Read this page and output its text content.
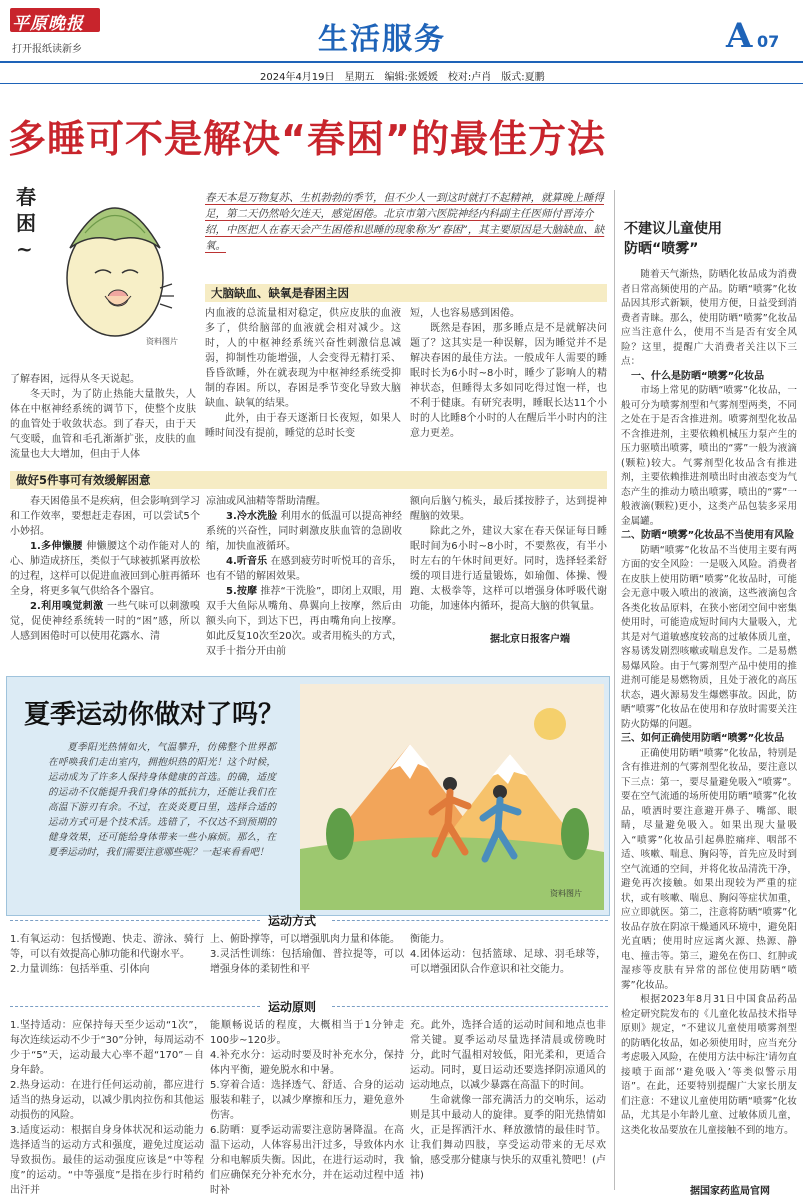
平原晚报
打开报纸读新乡	生活服务	A 07
2024年4月19日　星期五　编辑:张媛媛　校对:卢肖　版式:夏鹏
多睡可不是解决“春困”的最佳方法
春困~
资料图片
春天本是万物复苏、生机勃勃的季节，但不少人一到这时就打不起精神，就算晚上睡得足，第二天仍然哈欠连天，感觉困倦。北京市第六医院神经内科副主任医师付晋涛介绍，中医把人在春天会产生困倦和思睡的现象称为“春困”，其主要原因是大脑缺血、缺氧。
大脑缺血、缺氧是春困主因

了解春困，远得从冬天说起。

冬天时，为了防止热能大量散失，人体在中枢神经系统的调节下，使整个皮肤的血管处于收敛状态。到了春天，由于天气变暖，血管和毛孔渐渐扩张，皮肤的血流量也大大增加，但由于人体

内血液的总流量相对稳定，供应皮肤的血液多了，供给脑部的血液就会相对减少。这时，人的中枢神经系统兴奋性刺激信息减弱，抑制性功能增强，人会变得无精打采、昏昏欲睡，外在就表现为中枢神经系统受抑制的春困。所以，春困是季节变化导致大脑缺血、缺氧的结果。

此外，由于春天逐渐日长夜短，如果人睡时间没有提前，睡觉的总时长变

短，人也容易感到困倦。

既然是春困，那多睡点是不是就解决问题了？这其实是一种误解，因为睡觉并不是解决春困的最佳方法。一般成年人需要的睡眠时长为6小时~8小时，睡少了影响人的精神状态，但睡得太多如同吃得过饱一样，也不利于健康。有研究表明，睡眠长达11个小时的人比睡8个小时的人在醒后半小时内的注意力更差。

做好5件事可有效缓解困意

春天困倦虽不是疾病，但会影响到学习和工作效率，要想赶走春困，可以尝试5个小妙招。

1.多伸懒腰 伸懒腰这个动作能对人的心、肺造成挤压，类似于气球被抓紧再放松的过程，这样可以促进血液回到心脏再循环全身，将更多氧气供给各个器官。

2.利用嗅觉刺激 一些气味可以刺激嗅觉，促使神经系统转一时的“困”感，所以人感到困倦时可以使用花露水、清

凉油或风油精等帮助清醒。

3.冷水洗脸 利用水的低温可以提高神经系统的兴奋性，同时刺激皮肤血管的急剧收缩，加快血液循环。

4.听音乐 在感到疲劳时听悦耳的音乐，也有不错的解困效果。

5.按摩 推荐“干洗脸”，即闭上双眼，用双手大鱼际从嘴角、鼻翼向上按摩，然后由额头向下，到达下巴，再由嘴角向上按摩。如此反复10次至20次。或者用梳头的方式，双手十指分开由前

额向后脑勺梳头，最后揉按脖子，达到提神醒脑的效果。

除此之外，建议大家在春天保证每日睡眠时间为6小时~8小时，不要熬夜，有半小时左右的午休时间更好。同时，选择轻柔舒缓的项目进行适量锻炼，如瑜伽、体操、慢跑、太极拳等，这样可以增强身体呼吸代谢功能，加速体内循环，提高大脑的供氧量。

据北京日报客户端
不建议儿童使用
防晒“喷雾”

随着天气渐热，防晒化妆品成为消费者日常高频使用的产品。防晒“喷雾”化妆品因其形式新颖，使用方便，日益受到消费者青睐。那么，使用防晒“喷雾”化妆品应当注意什么，使用不当是否有安全风险？这里，提醒广大消费者关注以下三点：

一、什么是防晒“喷雾”化妆品

市场上常见的防晒“喷雾”化妆品，一般可分为喷雾剂型和气雾剂型两类，不同之处在于是否含推进剂。喷雾剂型化妆品不含推进剂，主要依赖机械压力泵产生的压力驱喷出喷雾，喷出的“雾”一般为液滴(颗粒)较大。气雾剂型化妆品含有推进剂，主要依赖推进剂喷出时由液态变为气态产生的推动力喷出喷雾，喷出的“雾”一般液滴(颗粒)更小，这类产品包装多采用金属罐。

二、防晒“喷雾”化妆品不当使用有风险

防晒“喷雾”化妆品不当使用主要有两方面的安全风险：一是吸入风险。消费者在皮肤上使用防晒“喷雾”化妆品时，可能会无意中吸入喷出的液滴，这些液滴包含各类化妆品原料，在狭小密闭空间中密集使用时，可能造成短时间内大量吸入，尤其是对气道敏感度较高的过敏体质儿童，容易诱发剧烈咳嗽或喘息发作。二是易燃易爆风险。由于气雾剂型产品中使用的推进剂可能是易燃物质，且处于液化的高压状态，遇火源易发生爆燃事故。因此，防晒“喷雾”化妆品在使用和存放时需要关注防火防爆的问题。

三、如何正确使用防晒“喷雾”化妆品

正确使用防晒“喷雾”化妆品，特别是含有推进剂的气雾剂型化妆品，要注意以下三点：第一，要尽量避免吸入“喷雾”。要在空气流通的场所使用防晒“喷雾”化妆品，喷洒时要注意避开鼻子、嘴部、眼睛，尽量避免吸入。如果出现大量吸入“喷雾”化妆品引起鼻腔痛痒、咽部不适、咳嗽、喘息、胸闷等，首先应及时到空气流通的空间，并将化妆品清洗干净，避免再次接触。如果出现较为严重的症状，或有咳嗽、喘息、胸闷等症状加重，应立即就医。第二，注意将防晒“喷雾”化妆品存放在阴凉干燥通风环境中，避免阳光直晒；使用时应远离火源、热源、静电、撞击等。第三，避免在伤口、红肿或湿疹等皮肤有异常的部位使用防晒“喷雾”化妆品。

根据2023年8月31日中国食品药品检定研究院发布的《儿童化妆品技术指导原则》规定，“不建议儿童使用喷雾剂型的防晒化妆品，如必须使用时，应当充分考虑吸入风险，在使用方法中标注‘请勿直接喷于面部’‘避免吸入’等类似警示用语”。在此，还要特别提醒广大家长朋友们注意：不建议儿童使用防晒“喷雾”化妆品，尤其是小年龄儿童、过敏体质儿童，这类化妆品要放在儿童接触不到的地方。

据国家药监局官网
夏季运动你做对了吗？
夏季阳光热情如火，气温攀升，仿佛整个世界都在呼唤我们走出室内，拥抱炽热的阳光！这个时候，运动成为了许多人保持身体健康的首选。的确，适度的运动不仅能提升我们身体的抵抗力，还能让我们在高温下游刃有余。不过，在炎炎夏日里，选择合适的运动方式可是个技术活。选错了，不仅达不到预期的健身效果，还可能给身体带来一些小麻烦。那么，在夏季运动时，我们需要注意哪些呢？一起来看看吧！
资料图片
运动方式

1.有氧运动：包括慢跑、快走、游泳、骑行等，可以有效提高心肺功能和代谢水平。

2.力量训练：包括举重、引体向

上、俯卧撑等，可以增强肌肉力量和体能。

3.灵活性训练：包括瑜伽、普拉提等，可以增强身体的柔韧性和平

衡能力。

4.团体运动：包括篮球、足球、羽毛球等，可以增强团队合作意识和社交能力。

运动原则

1.坚持适动：应保持每天至少运动“1次”，每次连续运动不少于“30”分钟，每周运动不少于“5”天，运动最大心率不超“170”－自身年龄。

2.热身运动：在进行任何运动前，都应进行适当的热身运动，以减少肌肉拉伤和其他运动损伤的风险。

3.适度运动：根据自身身体状况和运动能力选择适当的运动方式和强度，避免过度运动导致损伤。最佳的运动强度应该是“中等程度”的运动。“中等强度”是指在步行时稍约出汗并

能顺畅说话的程度，大概相当于1分钟走100步~120步。

4.补充水分：运动时要及时补充水分，保持体内平衡，避免脱水和中暑。

5.穿着合适：选择透气、舒适、合身的运动服装和鞋子，以减少摩擦和压力，避免意外伤害。

6.防晒：夏季运动需要注意防暑降温。在高温下运动，人体容易出汗过多，导致体内水分和电解质失衡。因此，在进行运动时，我们应确保充分补充水分，并在运动过程中适时补

充。此外，选择合适的运动时间和地点也非常关键。夏季运动尽量选择清晨或傍晚时分，此时气温相对较低，阳光柔和，更适合运动。同时，夏日运动还要选择阴凉通风的运动地点，以减少暴露在高温下的时间。

生命就像一部充满活力的交响乐，运动则是其中最动人的旋律。夏季的阳光热情如火，正是挥洒汗水、释放激情的最佳时节。让我们舞动四肢，享受运动带来的无尽欢愉，感受那分健康与快乐的双重礼赞吧！(卢祎)
